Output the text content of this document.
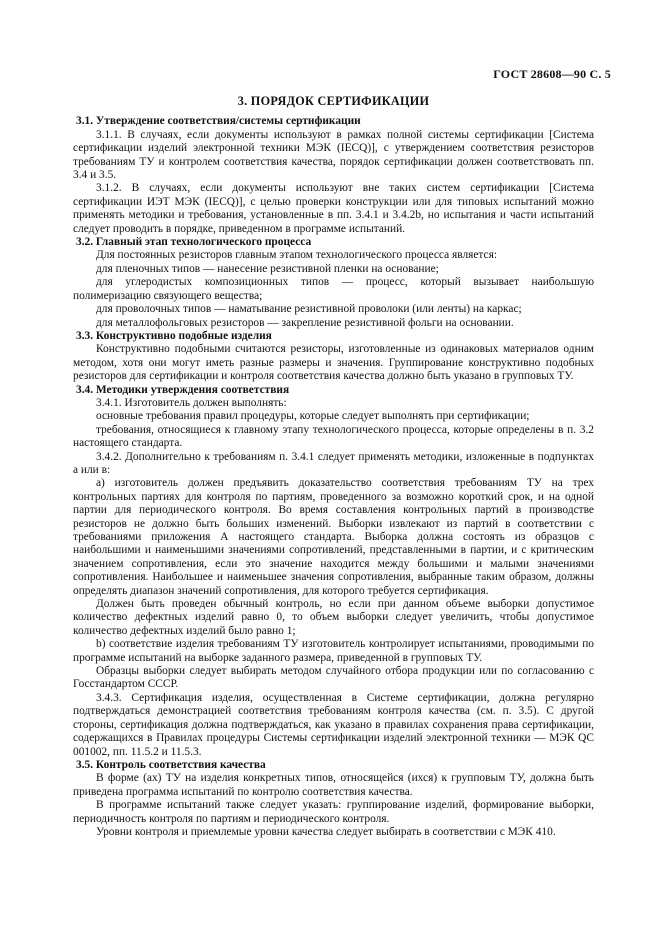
ГОСТ 28608—90 С. 5
3. ПОРЯДОК СЕРТИФИКАЦИИ

3.1. Утверждение соответствия/системы сертификации

3.1.1. В случаях, если документы используют в рамках полной системы сертификации [Система сертификации изделий электронной техники МЭК (IECQ)], с утверждением соответствия резисторов требованиям ТУ и контролем соответствия качества, порядок сертификации должен соответствовать пп. 3.4 и 3.5.

3.1.2. В случаях, если документы используют вне таких систем сертификации [Система сертификации ИЭТ МЭК (IECQ)], с целью проверки конструкции или для типовых испытаний можно применять методики и требования, установленные в пп. 3.4.1 и 3.4.2b, но испытания и части испытаний следует проводить в порядке, приведенном в программе испытаний.

3.2. Главный этап технологического процесса

Для постоянных резисторов главным этапом технологического процесса является:

для пленочных типов — нанесение резистивной пленки на основание;

для углеродистых композиционных типов — процесс, который вызывает наибольшую полимеризацию связующего вещества;

для проволочных типов — наматывание резистивной проволоки (или ленты) на каркас;

для металлофольговых резисторов — закрепление резистивной фольги на основании.

3.3. Конструктивно подобные изделия

Конструктивно подобными считаются резисторы, изготовленные из одинаковых материалов одним методом, хотя они могут иметь разные размеры и значения. Группирование конструктивно подобных резисторов для сертификации и контроля соответствия качества должно быть указано в групповых ТУ.

3.4. Методики утверждения соответствия

3.4.1. Изготовитель должен выполнять:

основные требования правил процедуры, которые следует выполнять при сертификации;

требования, относящиеся к главному этапу технологического процесса, которые определены в п. 3.2 настоящего стандарта.

3.4.2. Дополнительно к требованиям п. 3.4.1 следует применять методики, изложенные в подпунктах а или в:

а) изготовитель должен предъявить доказательство соответствия требованиям ТУ на трех контрольных партиях для контроля по партиям, проведенного за возможно короткий срок, и на одной партии для периодического контроля. Во время составления контрольных партий в производстве резисторов не должно быть больших изменений. Выборки извлекают из партий в соответствии с требованиями приложения А настоящего стандарта. Выборка должна состоять из образцов с наибольшими и наименьшими значениями сопротивлений, представленными в партии, и с критическим значением сопротивления, если это значение находится между большими и малыми значениями сопротивления. Наибольшее и наименьшее значения сопротивления, выбранные таким образом, должны определять диапазон значений сопротивления, для которого требуется сертификация.

Должен быть проведен обычный контроль, но если при данном объеме выборки допустимое количество дефектных изделий равно 0, то объем выборки следует увеличить, чтобы допустимое количество дефектных изделий было равно 1;

b) соответствие изделия требованиям ТУ изготовитель контролирует испытаниями, проводимыми по программе испытаний на выборке заданного размера, приведенной в групповых ТУ.

Образцы выборки следует выбирать методом случайного отбора продукции или по согласованию с Госстандартом СССР.

3.4.3. Сертификация изделия, осуществленная в Системе сертификации, должна регулярно подтверждаться демонстрацией соответствия требованиям контроля качества (см. п. 3.5). С другой стороны, сертификация должна подтверждаться, как указано в правилах сохранения права сертификации, содержащихся в Правилах процедуры Системы сертификации изделий электронной техники — МЭК QC 001002, пп. 11.5.2 и 11.5.3.

3.5. Контроль соответствия качества

В форме (ах) ТУ на изделия конкретных типов, относящейся (ихся) к групповым ТУ, должна быть приведена программа испытаний по контролю соответствия качества.

В программе испытаний также следует указать: группирование изделий, формирование выборки, периодичность контроля по партиям и периодического контроля.

Уровни контроля и приемлемые уровни качества следует выбирать в соответствии с МЭК 410.
